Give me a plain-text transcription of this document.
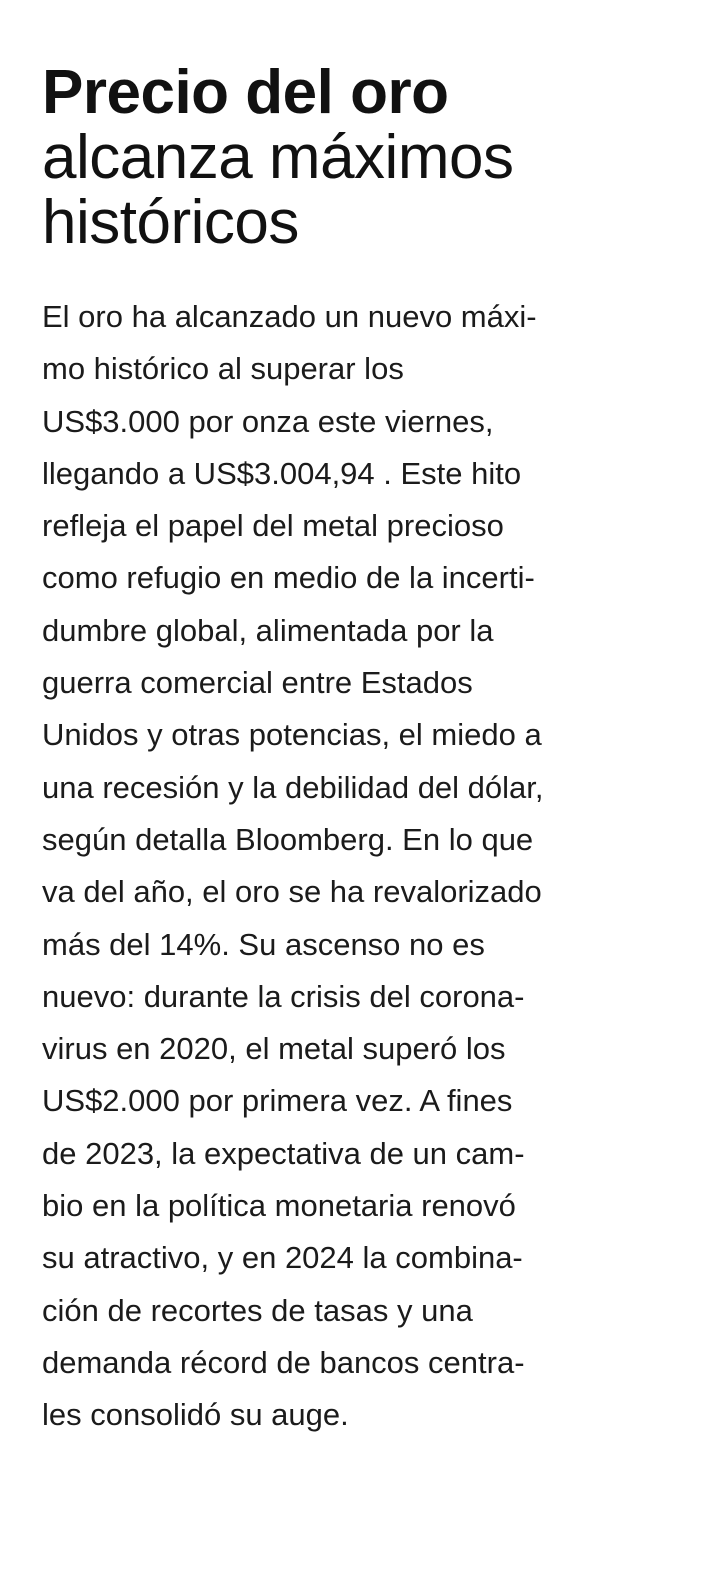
Precio del oro
alcanza máximos
históricos

El oro ha alcanzado un nuevo máxi-
mo histórico al superar los
US$3.000 por onza este viernes,
llegando a US$3.004,94 . Este hito
refleja el papel del metal precioso
como refugio en medio de la incerti-
dumbre global, alimentada por la
guerra comercial entre Estados
Unidos y otras potencias, el miedo a
una recesión y la debilidad del dólar,
según detalla Bloomberg. En lo que
va del año, el oro se ha revalorizado
más del 14%. Su ascenso no es
nuevo: durante la crisis del corona-
virus en 2020, el metal superó los
US$2.000 por primera vez. A fines
de 2023, la expectativa de un cam-
bio en la política monetaria renovó
su atractivo, y en 2024 la combina-
ción de recortes de tasas y una
demanda récord de bancos centra-
les consolidó su auge.
